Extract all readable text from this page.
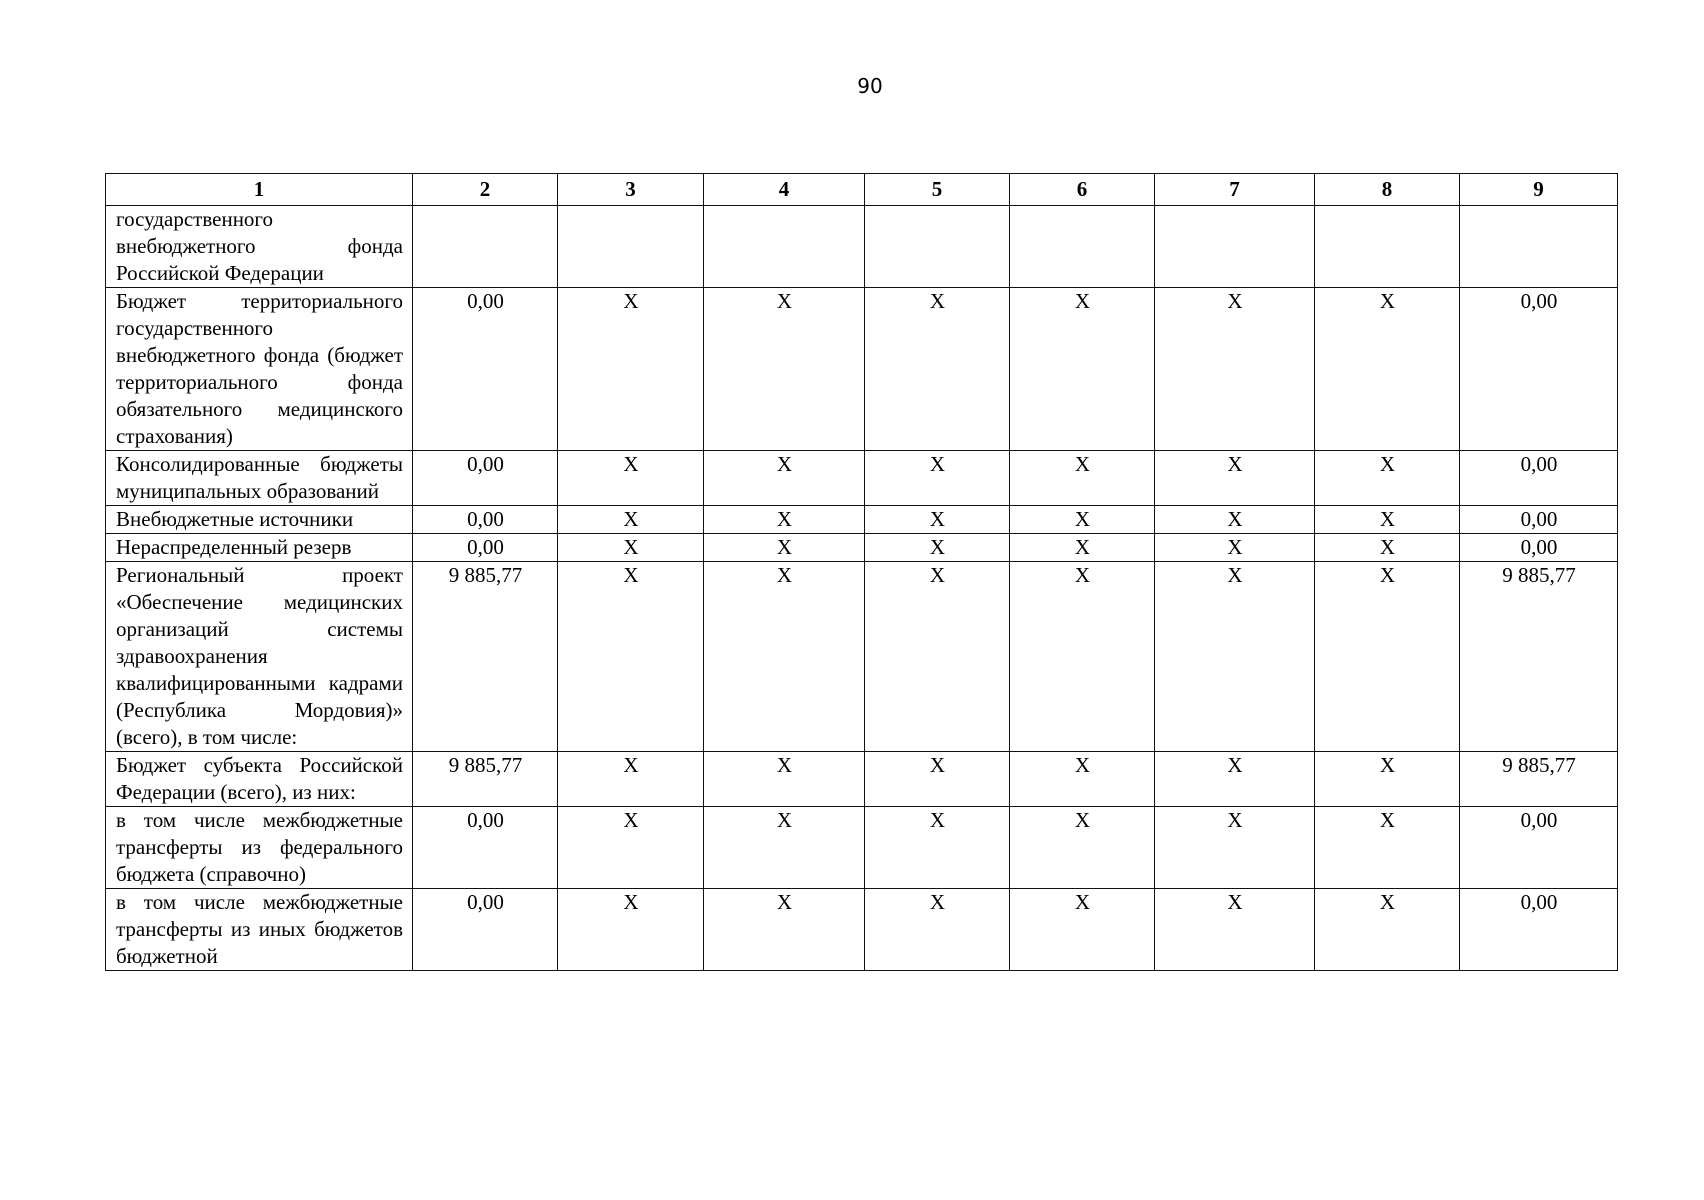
90
1	2	3	4	5	6	7	8	9
государственного внебюджетного фонда Российской Федерации								
Бюджет территориального государственного внебюджетного фонда (бюджет территориального фонда обязательного медицинского страхования)	0,00	X	X	X	X	X	X	0,00
Консолидированные бюджеты муниципальных образований	0,00	X	X	X	X	X	X	0,00
Внебюджетные источники	0,00	X	X	X	X	X	X	0,00
Нераспределенный резерв	0,00	X	X	X	X	X	X	0,00
Региональный проект «Обеспечение медицинских организаций системы здравоохранения квалифицированными кадрами (Республика Мордовия)» (всего), в том числе:	9 885,77	X	X	X	X	X	X	9 885,77
Бюджет субъекта Российской Федерации (всего), из них:	9 885,77	X	X	X	X	X	X	9 885,77
в том числе межбюджетные трансферты из федерального бюджета (справочно)	0,00	X	X	X	X	X	X	0,00
в том числе межбюджетные трансферты из иных бюджетов бюджетной	0,00	X	X	X	X	X	X	0,00
